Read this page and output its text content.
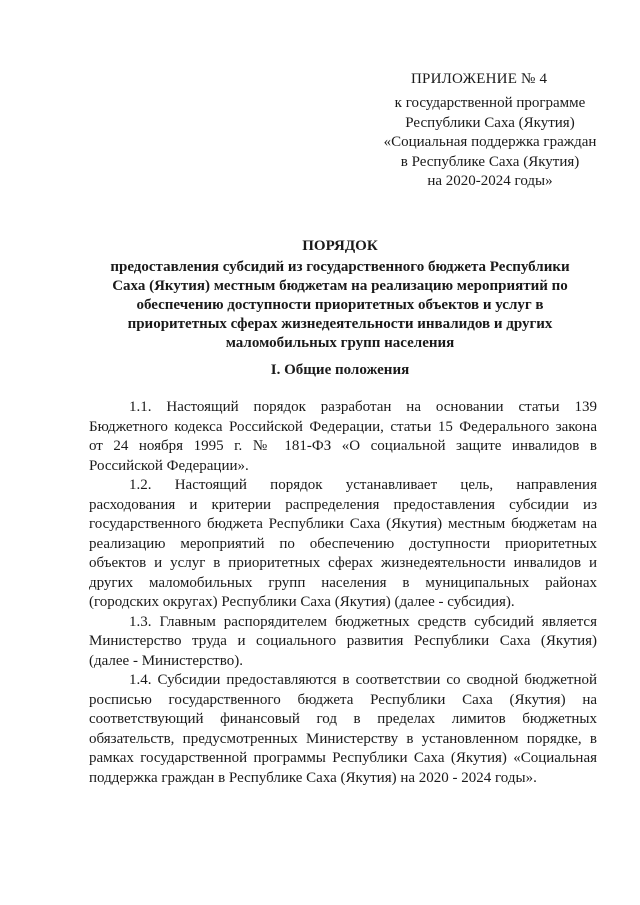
ПРИЛОЖЕНИЕ № 4
к государственной программе
Республики Саха (Якутия)
«Социальная поддержка граждан
в Республике Саха (Якутия)
на 2020-2024 годы»
ПОРЯДОК
предоставления субсидий из государственного бюджета Республики
Саха (Якутия) местным бюджетам на реализацию мероприятий по
обеспечению доступности приоритетных объектов и услуг в
приоритетных сферах жизнедеятельности инвалидов и других
маломобильных групп населения
I. Общие положения
1.1. Настоящий порядок разработан на основании статьи 139
Бюджетного кодекса Российской Федерации, статьи 15 Федерального закона
от 24 ноября 1995 г. № 181-ФЗ «О социальной защите инвалидов в
Российской Федерации».
1.2. Настоящий порядок устанавливает цель, направления
расходования и критерии распределения предоставления субсидии из
государственного бюджета Республики Саха (Якутия) местным бюджетам на
реализацию мероприятий по обеспечению доступности приоритетных
объектов и услуг в приоритетных сферах жизнедеятельности инвалидов и
других маломобильных групп населения в муниципальных районах
(городских округах) Республики Саха (Якутия) (далее - субсидия).
1.3. Главным распорядителем бюджетных средств субсидий является
Министерство труда и социального развития Республики Саха (Якутия)
(далее - Министерство).
1.4. Субсидии предоставляются в соответствии со сводной бюджетной
росписью государственного бюджета Республики Саха (Якутия) на
соответствующий финансовый год в пределах лимитов бюджетных
обязательств, предусмотренных Министерству в установленном порядке, в
рамках государственной программы Республики Саха (Якутия) «Социальная
поддержка граждан в Республике Саха (Якутия) на 2020 - 2024 годы».
